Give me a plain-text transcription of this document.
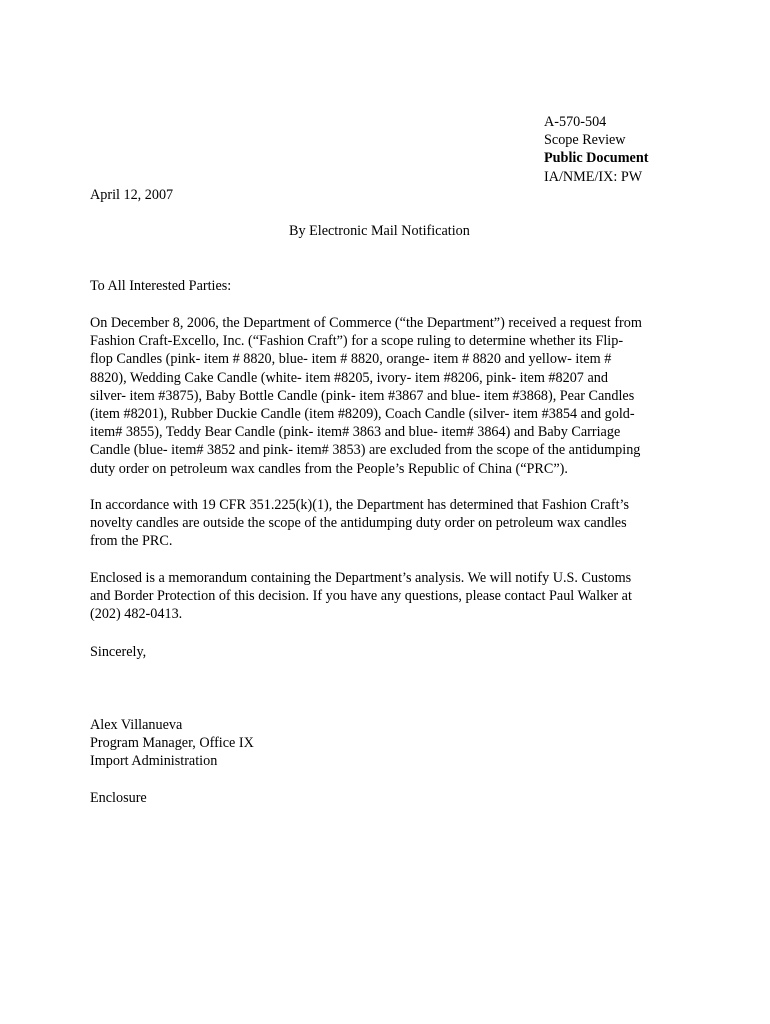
A-570-504
Scope Review
Public Document
IA/NME/IX: PW
April 12, 2007
By Electronic Mail Notification
To All Interested Parties:
On December 8, 2006, the Department of Commerce (“the Department”) received a request from
Fashion Craft-Excello, Inc. (“Fashion Craft”) for a scope ruling to determine whether its Flip-
flop Candles (pink- item # 8820, blue- item # 8820, orange- item # 8820 and yellow- item #
8820), Wedding Cake Candle (white- item #8205, ivory- item #8206, pink- item #8207 and
silver- item #3875), Baby Bottle Candle (pink- item #3867 and blue- item #3868), Pear Candles
(item #8201), Rubber Duckie Candle (item #8209), Coach Candle (silver- item #3854 and gold-
item# 3855), Teddy Bear Candle (pink- item# 3863 and blue- item# 3864) and Baby Carriage
Candle (blue- item# 3852 and pink- item# 3853) are excluded from the scope of the antidumping
duty order on petroleum wax candles from the People’s Republic of China (“PRC”).
In accordance with 19 CFR 351.225(k)(1), the Department has determined that Fashion Craft’s
novelty candles are outside the scope of the antidumping duty order on petroleum wax candles
from the PRC.
Enclosed is a memorandum containing the Department’s analysis. We will notify U.S. Customs
and Border Protection of this decision. If you have any questions, please contact Paul Walker at
(202) 482-0413.
Sincerely,
Alex Villanueva
Program Manager, Office IX
Import Administration
Enclosure
